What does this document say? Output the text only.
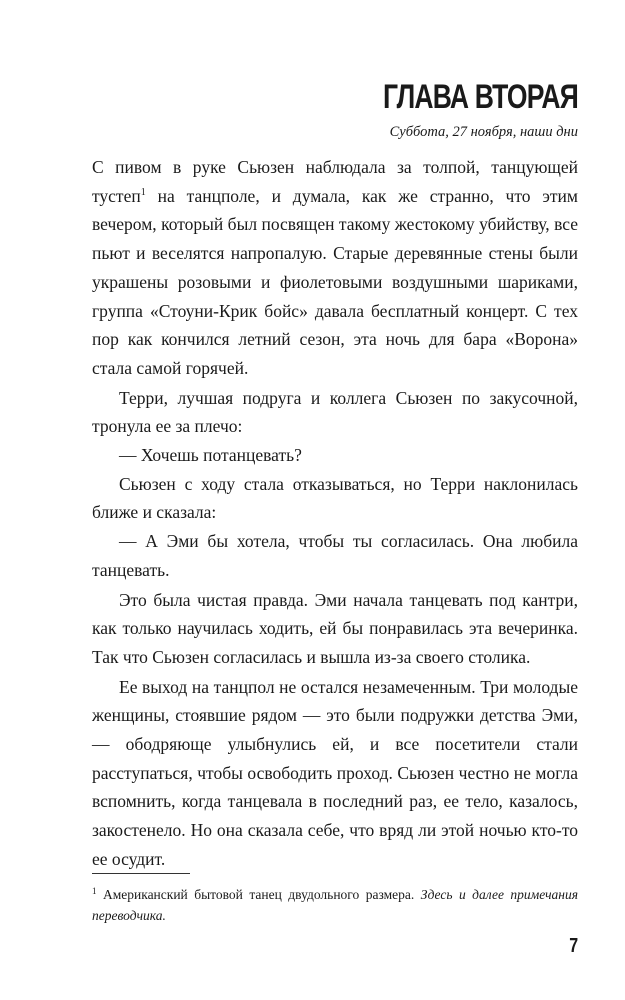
ГЛАВА ВТОРАЯ
Суббота, 27 ноября, наши дни

С пивом в руке Сьюзен наблюдала за толпой, танцующей тустеп$^1$ на танцполе, и думала, как же странно, что этим вечером, который был посвящен такому жестокому убийству, все пьют и веселятся напропалую. Старые деревянные стены были украшены розовыми и фиолетовыми воздушными шариками, группа «Стоуни-Крик бойс» давала бесплатный концерт. С тех пор как кончился летний сезон, эта ночь для бара «Ворона» стала самой горячей.

Терри, лучшая подруга и коллега Сьюзен по закусочной, тронула ее за плечо:

— Хочешь потанцевать?

Сьюзен с ходу стала отказываться, но Терри наклонилась ближе и сказала:

— А Эми бы хотела, чтобы ты согласилась. Она любила танцевать.

Это была чистая правда. Эми начала танцевать под кантри, как только научилась ходить, ей бы понравилась эта вечеринка. Так что Сьюзен согласилась и вышла из-за своего столика.

Ее выход на танцпол не остался незамеченным. Три молодые женщины, стоявшие рядом — это были подружки детства Эми, — ободряюще улыбнулись ей, и все посетители стали расступаться, чтобы освободить проход. Сьюзен честно не могла вспомнить, когда танцевала в последний раз, ее тело, казалось, закостенело. Но она сказала себе, что вряд ли этой ночью кто-то ее осудит.

$^1$ Американский бытовой танец двудольного размера. Здесь и далее примечания переводчика.
7
